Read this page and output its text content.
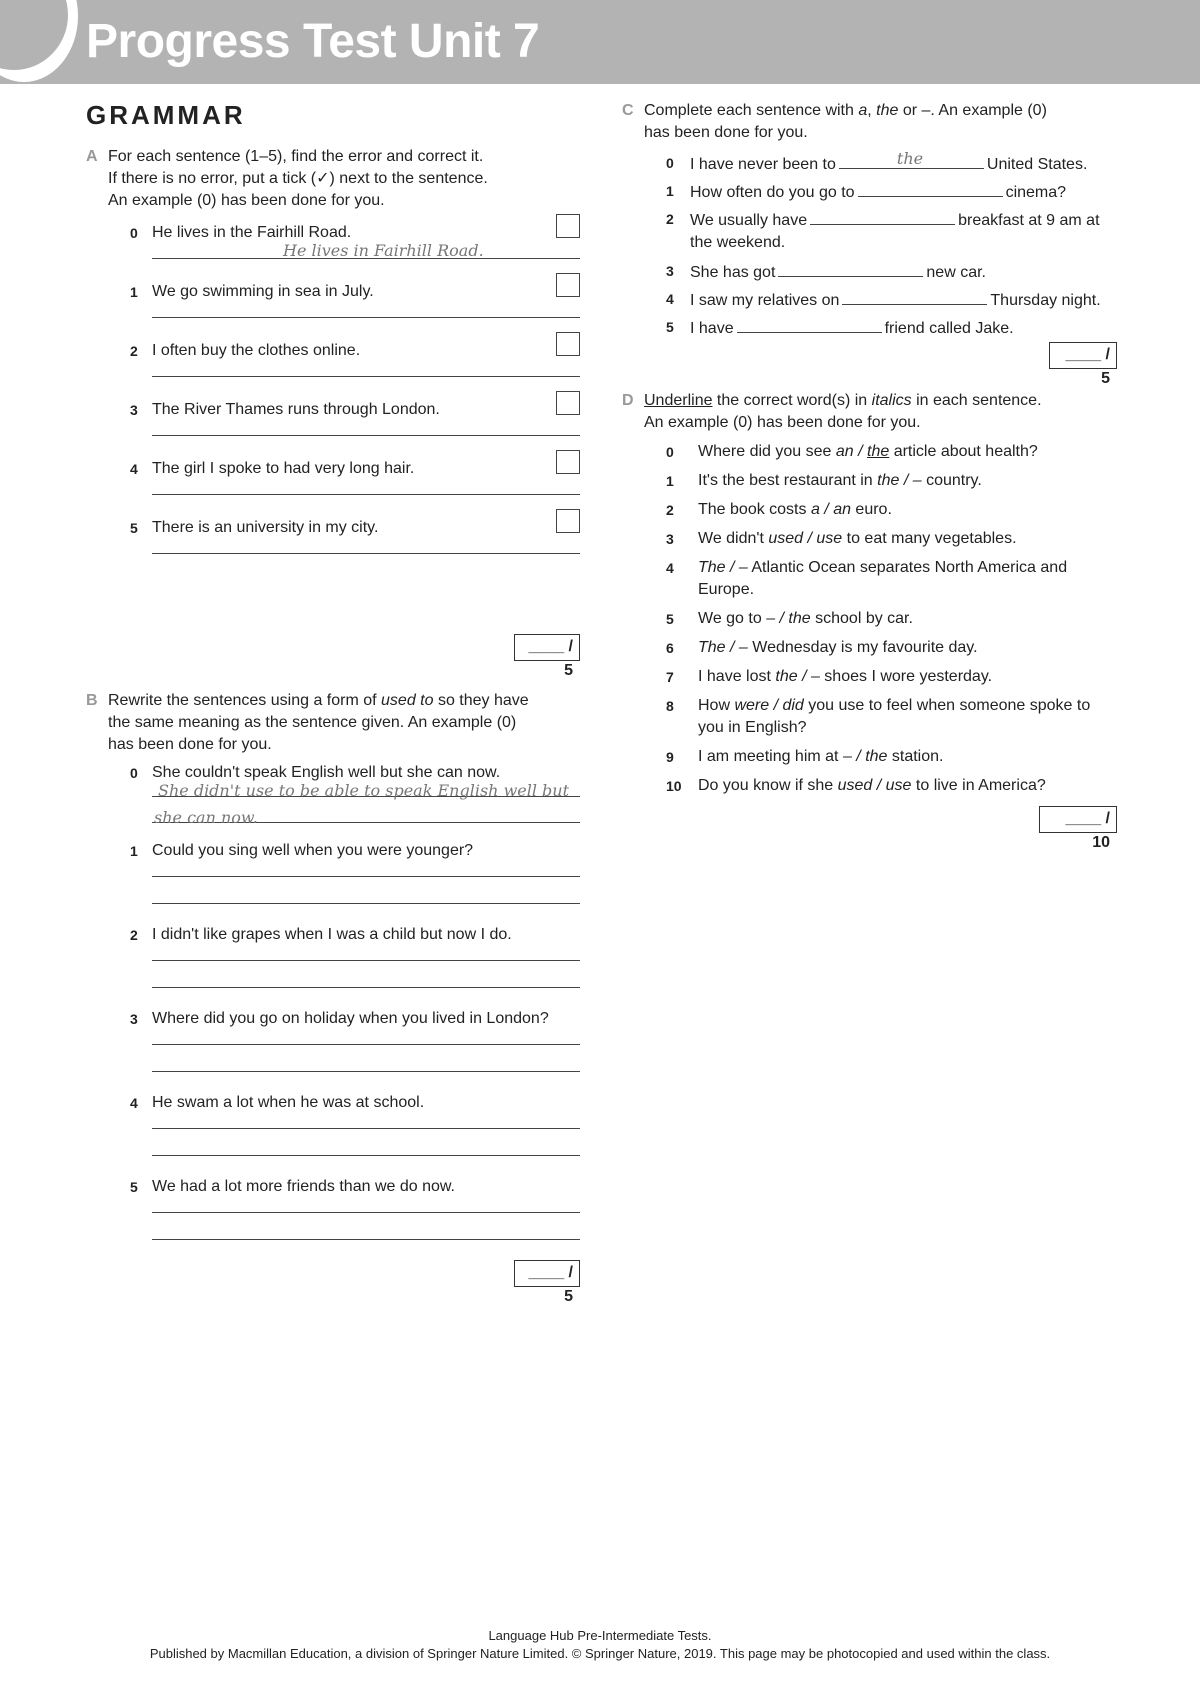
Progress Test Unit 7
GRAMMAR
A For each sentence (1–5), find the error and correct it.
If there is no error, put a tick (✓) next to the sentence.
An example (0) has been done for you.

0 He lives in the Fairhill Road.
He lives in Fairhill Road.
1 We go swimming in sea in July.
2 I often buy the clothes online.
3 The River Thames runs through London.
4 The girl I spoke to had very long hair.
5 There is an university in my city.
____ / 5
B Rewrite the sentences using a form of used to so they have
the same meaning as the sentence given. An example (0)
has been done for you.

0 She couldn't speak English well but she can now.
She didn't use to be able to speak English well but
she can now.
1 Could you sing well when you were younger?
2 I didn't like grapes when I was a child but now I do.
3 Where did you go on holiday when you lived in London?
4 He swam a lot when he was at school.
5 We had a lot more friends than we do now.
____ / 5
C Complete each sentence with a, the or –. An example (0)
has been done for you.

0	I have never been to	the	United States.
1	How often do you go to	cinema?
2	We usually have	breakfast at 9 am at
the weekend.
3	She has got	new car.
4	I saw my relatives on	Thursday night.
5	I have	friend called Jake.
____ / 5
D Underline the correct word(s) in italics in each sentence.
An example (0) has been done for you.

0	Where did you see an / the article about health?
1	It's the best restaurant in the / – country.
2	The book costs a / an euro.
3	We didn't used / use to eat many vegetables.
4	The / – Atlantic Ocean separates North America and
Europe.
5	We go to – / the school by car.
6	The / – Wednesday is my favourite day.
7	I have lost the / – shoes I wore yesterday.
8	How were / did you use to feel when someone spoke to
you in English?
9	I am meeting him at – / the station.
10	Do you know if she used / use to live in America?
____ / 10
Language Hub Pre-Intermediate Tests.
Published by Macmillan Education, a division of Springer Nature Limited. © Springer Nature, 2019. This page may be photocopied and used within the class.
